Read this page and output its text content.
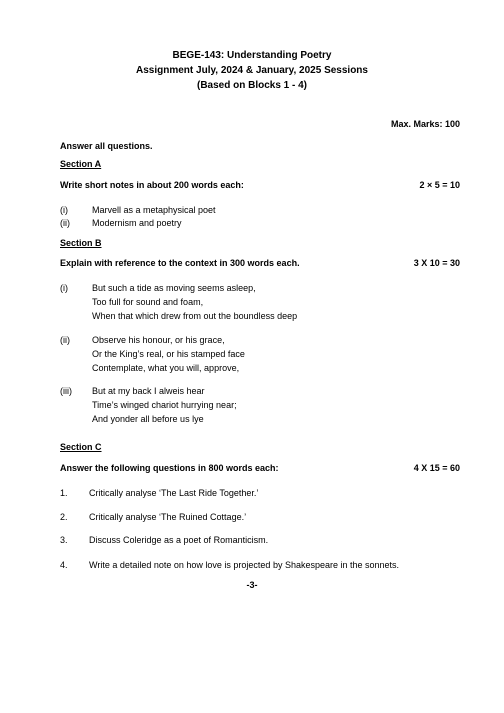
BEGE-143: Understanding Poetry
Assignment July, 2024 & January, 2025 Sessions
(Based on Blocks 1 - 4)
Max. Marks: 100
Answer all questions.
Section A
Write short notes in about 200 words each:	2 × 5 = 10
(i)	Marvell as a metaphysical poet
(ii) Modernism and poetry
Section B
Explain with reference to the context in 300 words each.	3 X 10 = 30
(i)	But such a tide as moving seems asleep,
Too full for sound and foam,
When that which drew from out the boundless deep
(ii) Observe his honour, or his grace,
Or the King’s real, or his stamped face
Contemplate, what you will, approve,
(iii) But at my back I alweis hear
Time’s winged chariot hurrying near;
And yonder all before us lye
Section C
Answer the following questions in 800 words each:	4 X 15 = 60
1. Critically analyse ‘The Last Ride Together.’
2. Critically analyse ‘The Ruined Cottage.’
3. Discuss Coleridge as a poet of Romanticism.
4. Write a detailed note on how love is projected by Shakespeare in the sonnets.
-3-
